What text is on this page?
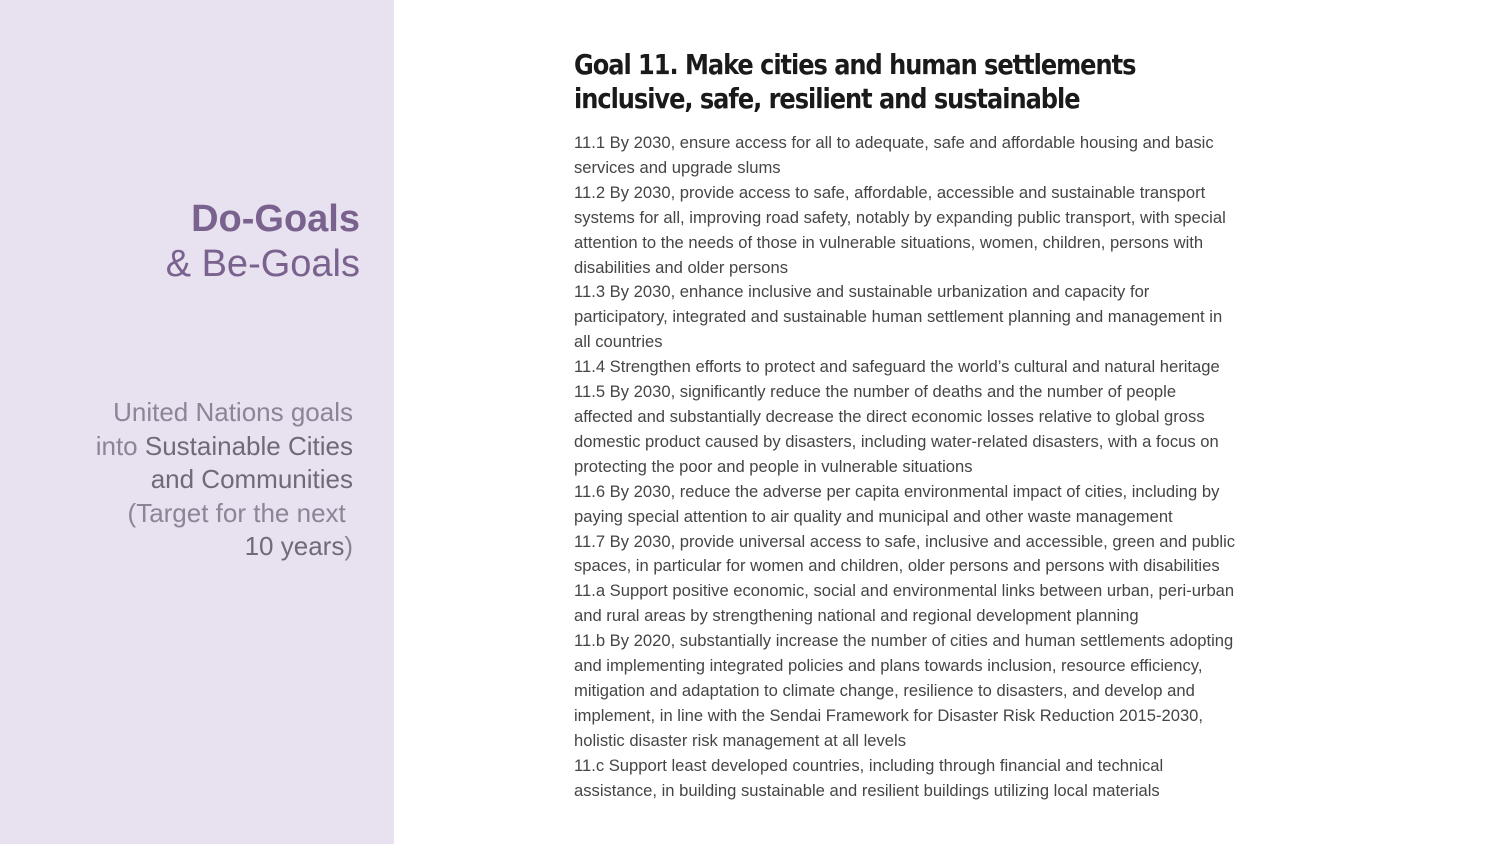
Do-Goals
& Be-Goals
United Nations goals
into Sustainable Cities
and Communities
(Target for the next
10 years)
Goal 11. Make cities and human settlements inclusive, safe, resilient and sustainable
11.1 By 2030, ensure access for all to adequate, safe and affordable housing and basic services and upgrade slums
11.2 By 2030, provide access to safe, affordable, accessible and sustainable transport systems for all, improving road safety, notably by expanding public transport, with special attention to the needs of those in vulnerable situations, women, children, persons with disabilities and older persons
11.3 By 2030, enhance inclusive and sustainable urbanization and capacity for participatory, integrated and sustainable human settlement planning and management in all countries
11.4 Strengthen efforts to protect and safeguard the world’s cultural and natural heritage
11.5 By 2030, significantly reduce the number of deaths and the number of people affected and substantially decrease the direct economic losses relative to global gross domestic product caused by disasters, including water-related disasters, with a focus on protecting the poor and people in vulnerable situations
11.6 By 2030, reduce the adverse per capita environmental impact of cities, including by paying special attention to air quality and municipal and other waste management
11.7 By 2030, provide universal access to safe, inclusive and accessible, green and public spaces, in particular for women and children, older persons and persons with disabilities
11.a Support positive economic, social and environmental links between urban, peri-urban and rural areas by strengthening national and regional development planning
11.b By 2020, substantially increase the number of cities and human settlements adopting and implementing integrated policies and plans towards inclusion, resource efficiency, mitigation and adaptation to climate change, resilience to disasters, and develop and implement, in line with the Sendai Framework for Disaster Risk Reduction 2015-2030, holistic disaster risk management at all levels
11.c Support least developed countries, including through financial and technical assistance, in building sustainable and resilient buildings utilizing local materials
